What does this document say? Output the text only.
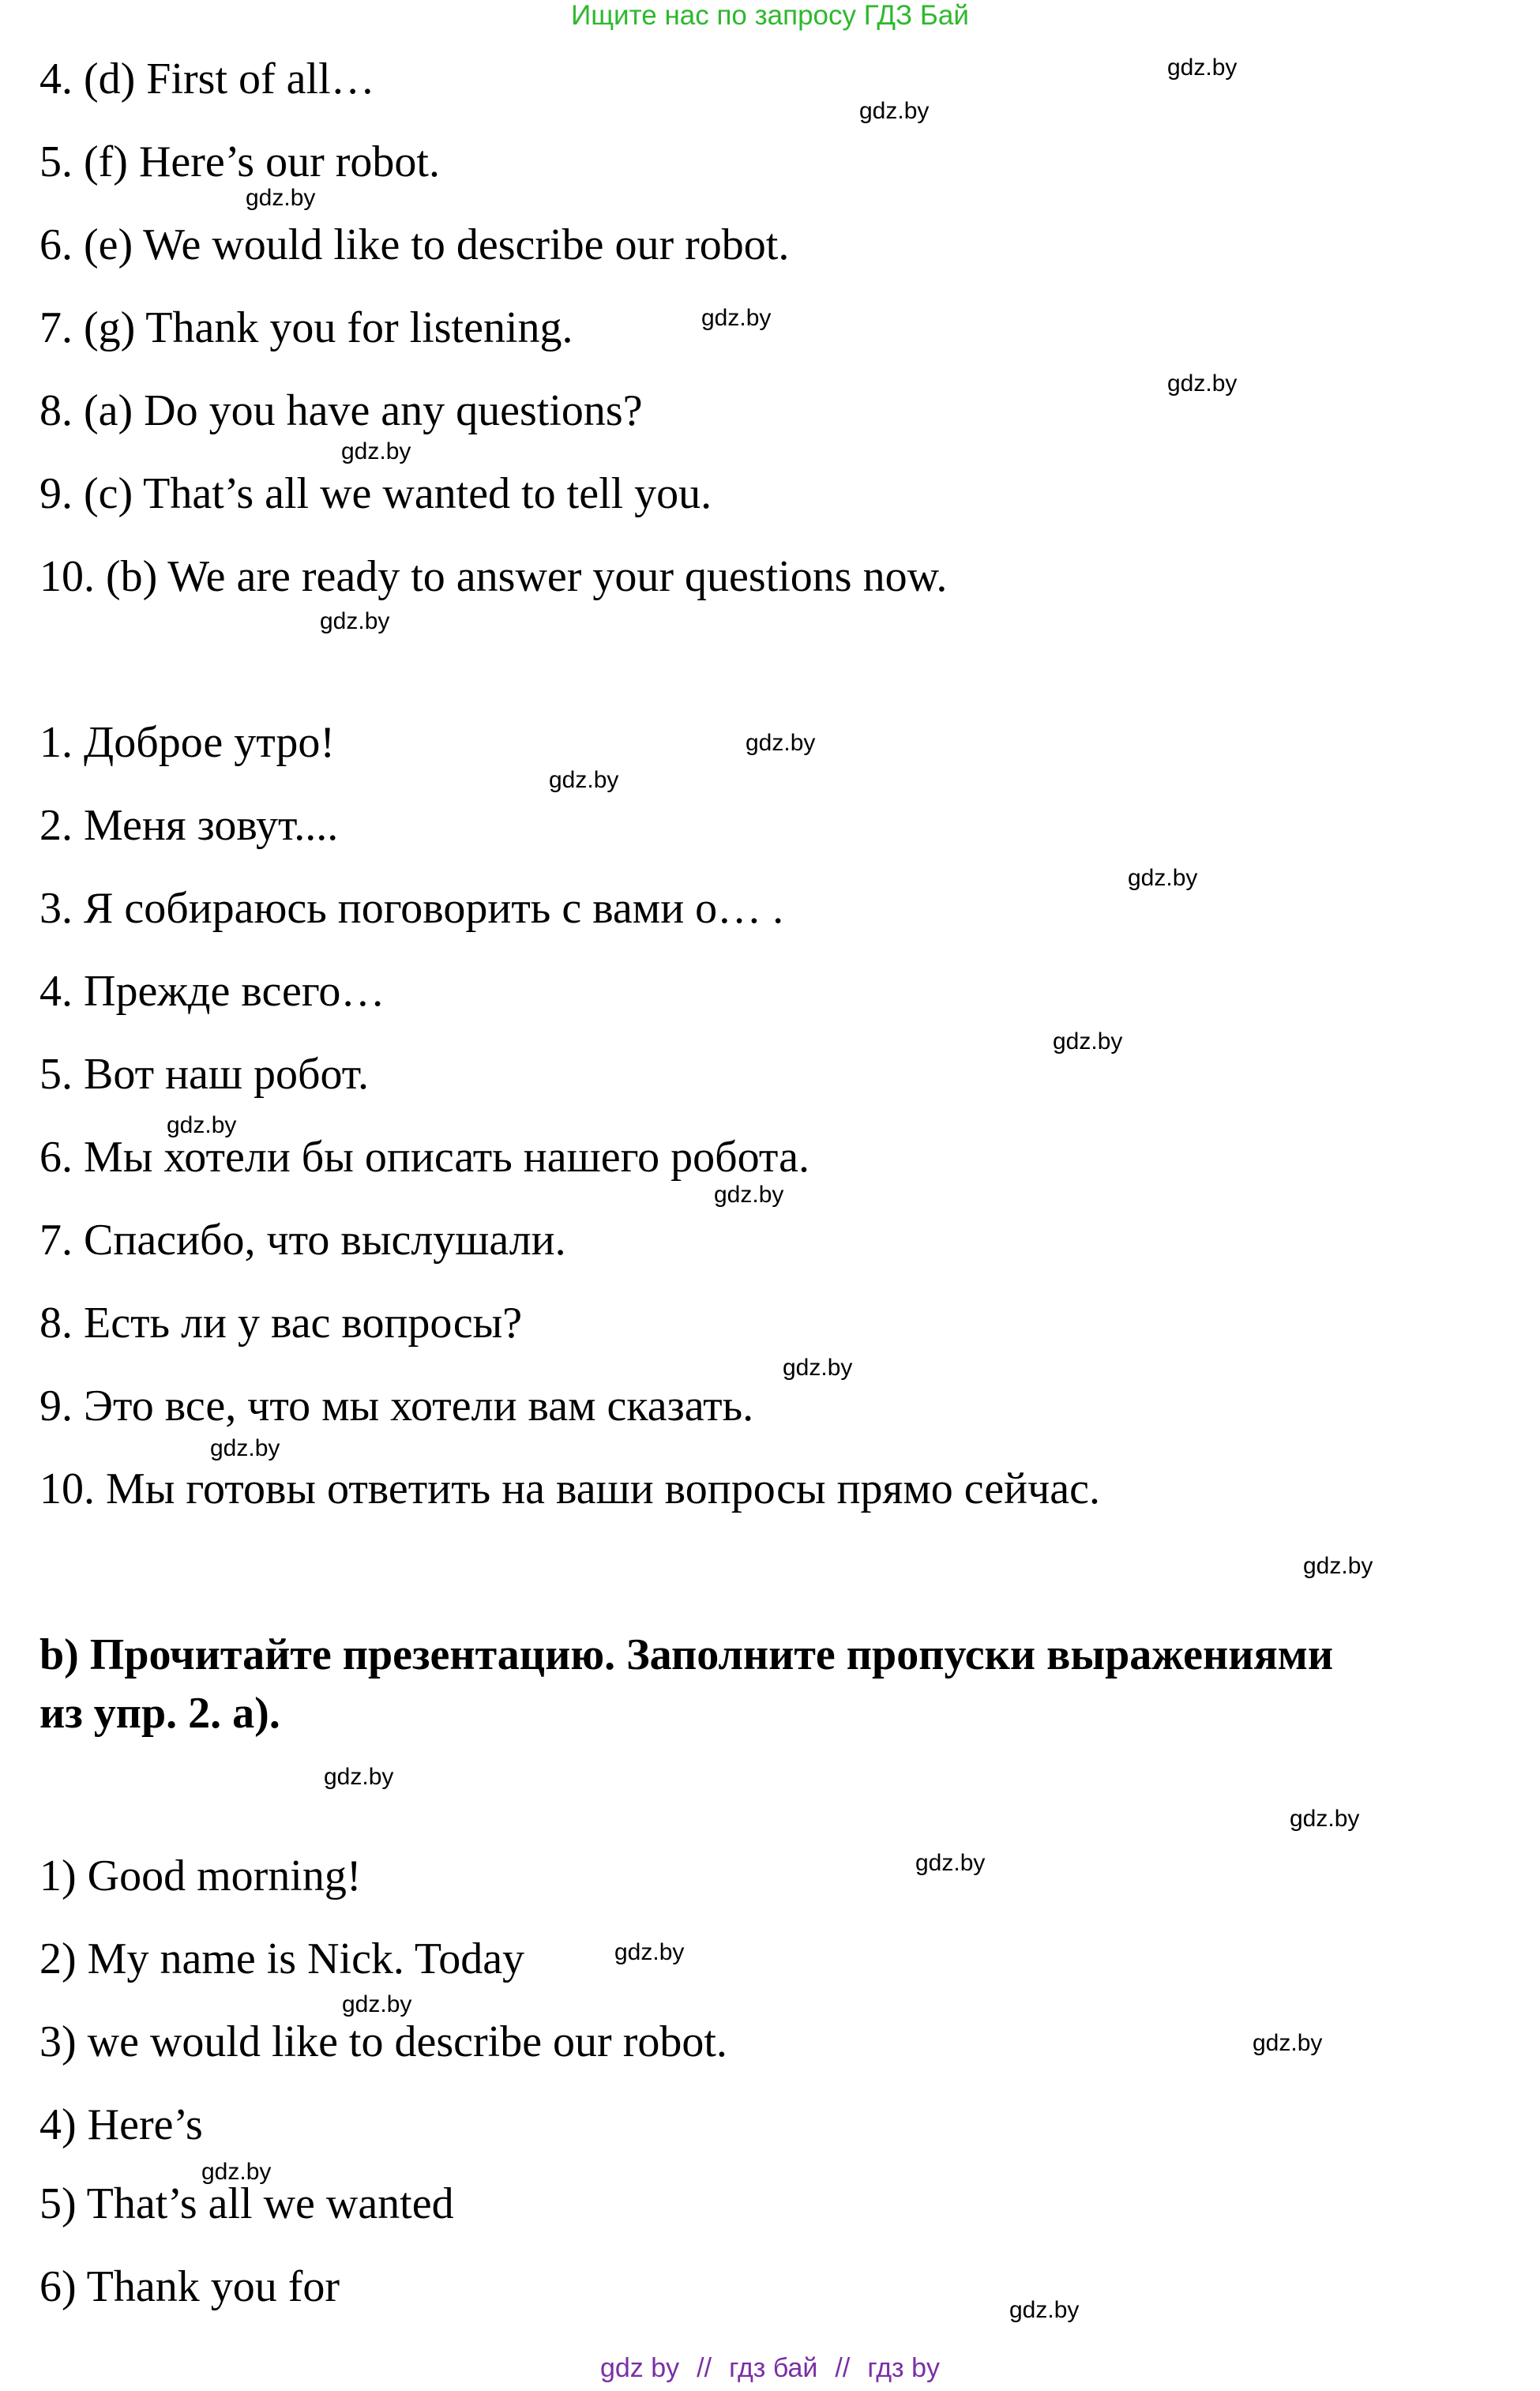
Ищите нас по запросу ГДЗ Бай
4. (d) First of all…
5. (f) Here’s our robot.
6. (e) We would like to describe our robot.
7. (g) Thank you for listening.
8. (a) Do you have any questions?
9. (c) That’s all we wanted to tell you.
10. (b) We are ready to answer your questions now.
1. Доброе утро!
2. Меня зовут....
3. Я собираюсь поговорить с вами о… .
4. Прежде всего…
5. Вот наш робот.
6. Мы хотели бы описать нашего робота.
7. Спасибо, что выслушали.
8. Есть ли у вас вопросы?
9. Это все, что мы хотели вам сказать.
10. Мы готовы ответить на ваши вопросы прямо сейчас.
b) Прочитайте презентацию. Заполните пропуски выражениями из упр. 2. а).
1) Good morning!
2) My name is Nick. Today
3) we would like to describe our robot.
4) Here’s
5) That’s all we wanted
6) Thank you for
gdz.by
gdz.by
gdz.by
gdz.by
gdz.by
gdz.by
gdz.by
gdz.by
gdz.by
gdz.by
gdz.by
gdz.by
gdz.by
gdz.by
gdz.by
gdz.by
gdz.by
gdz.by
gdz.by
gdz.by
gdz.by
gdz.by
gdz.by
gdz.by
gdz by // гдз бай // гдз by
